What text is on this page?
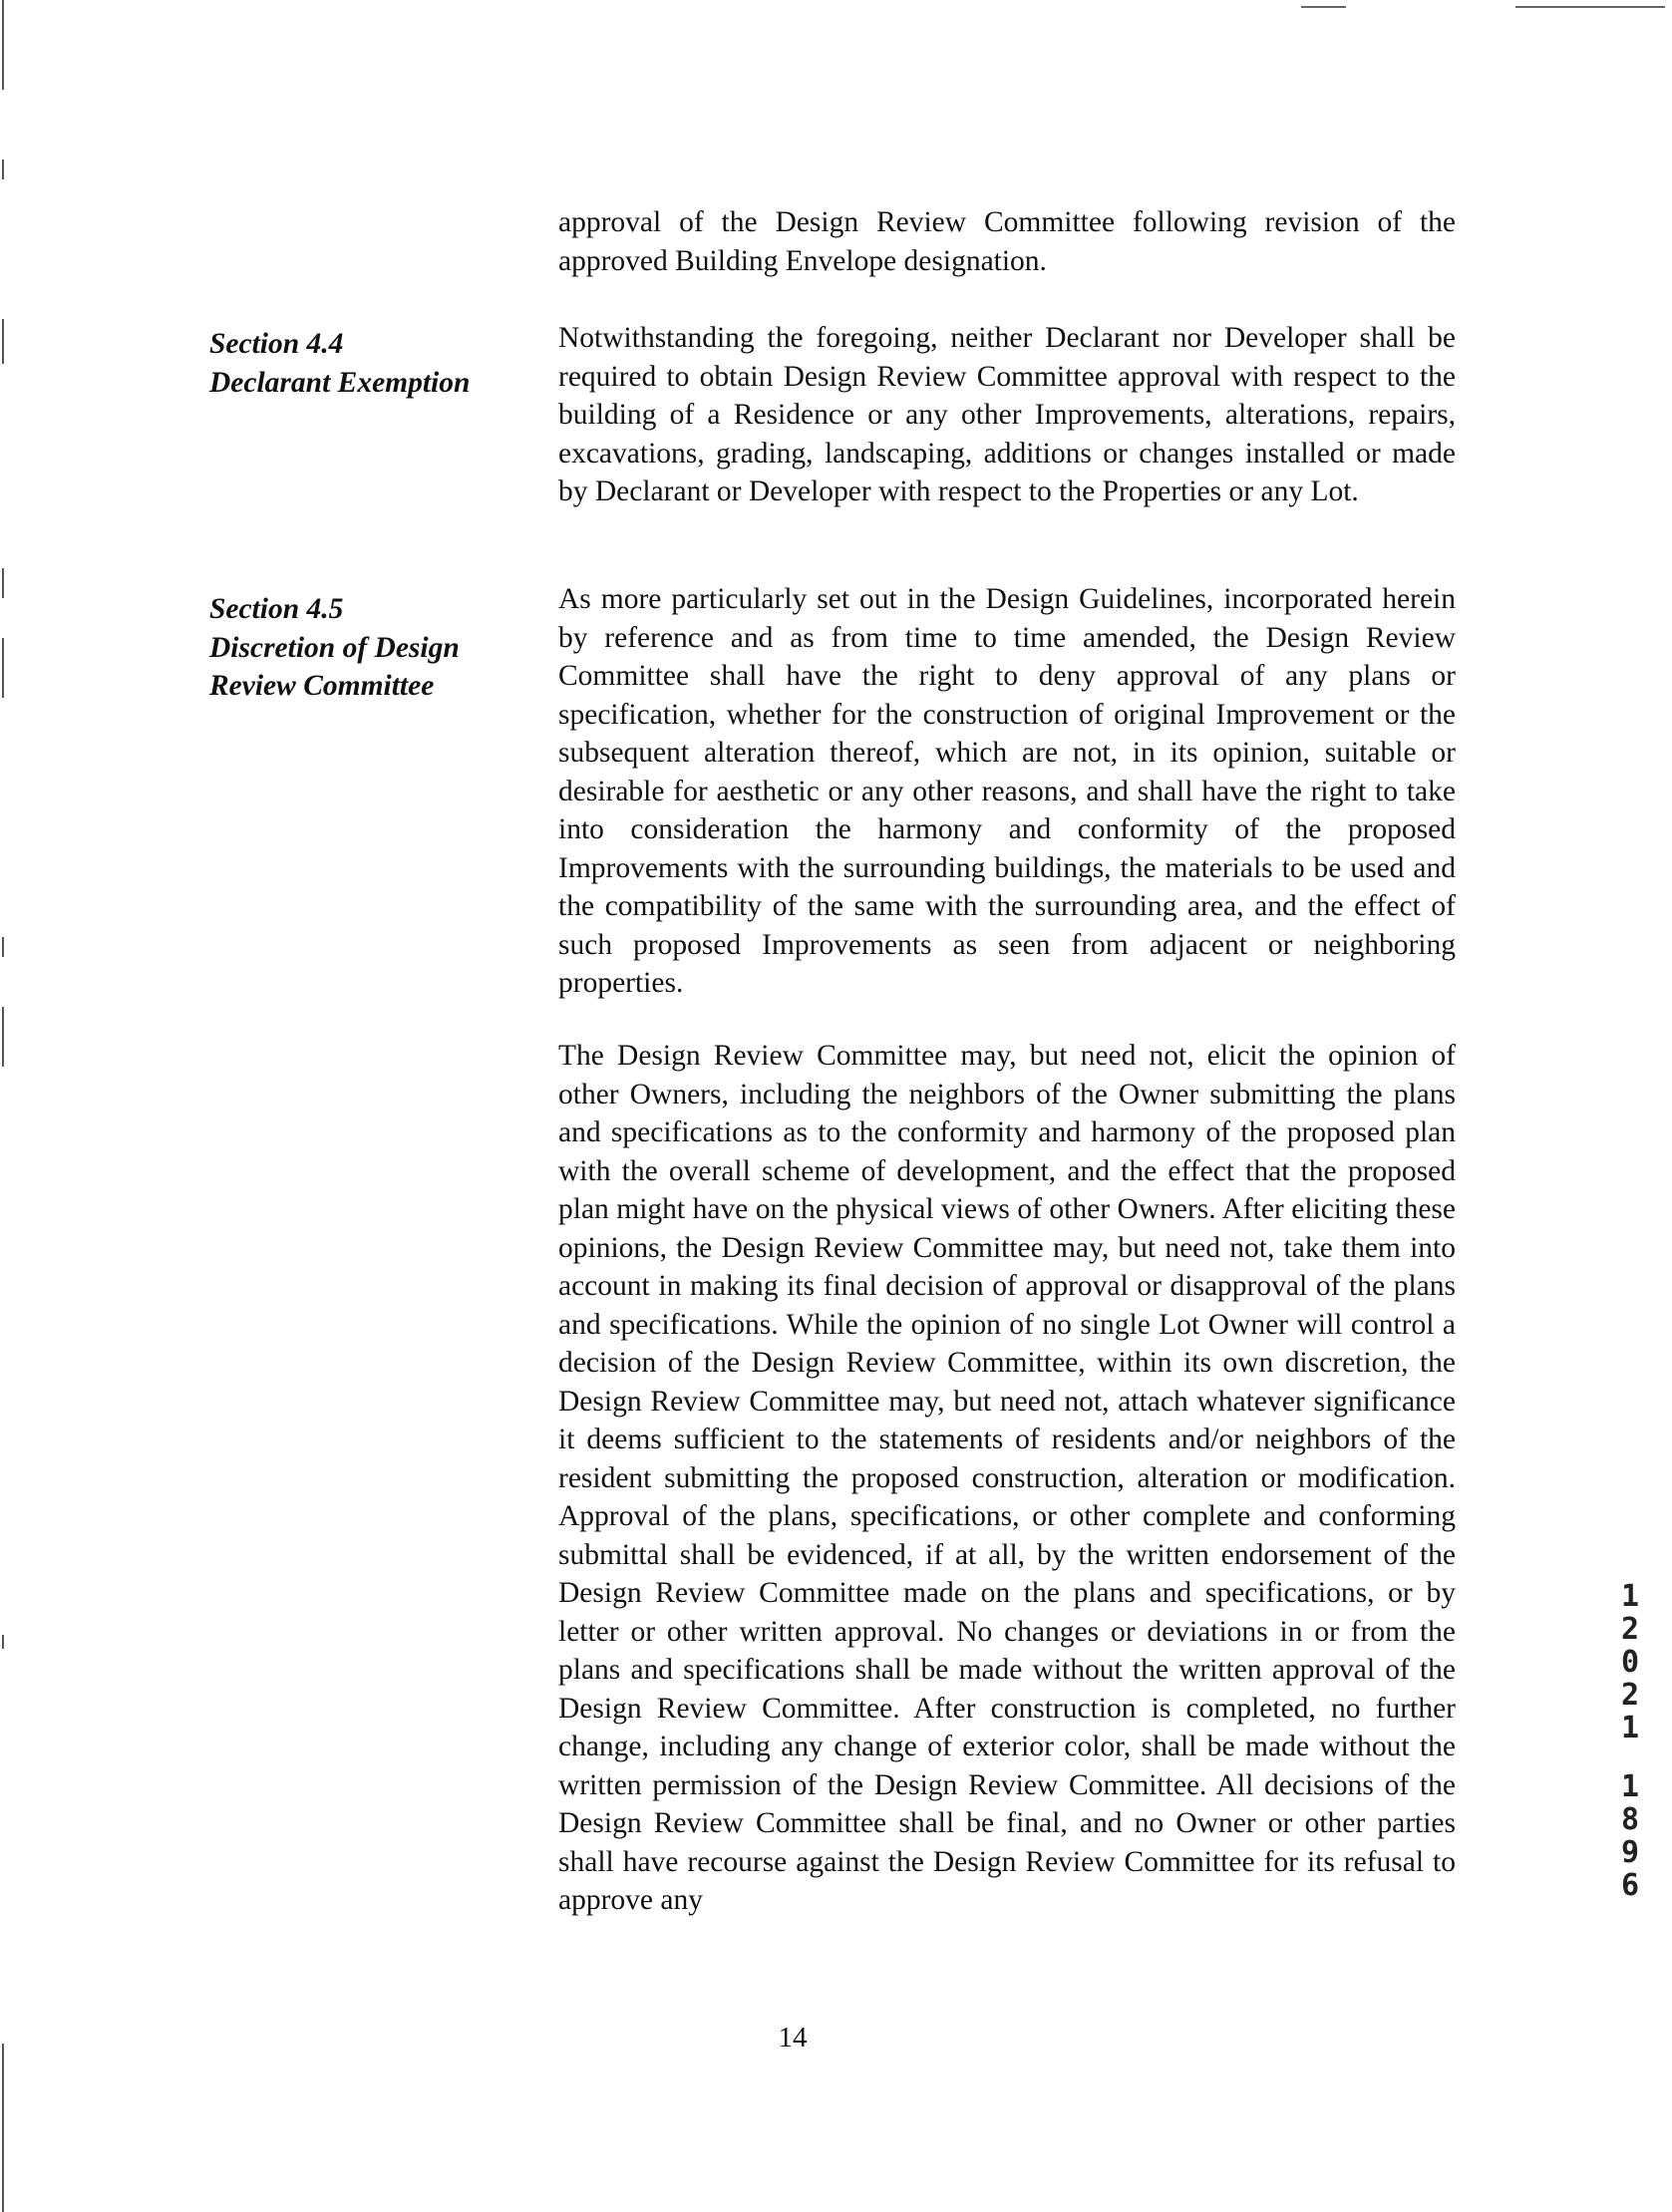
approval of the Design Review Committee following revision of the approved Building Envelope designation.
Section 4.4
Declarant Exemption
Notwithstanding the foregoing, neither Declarant nor Developer shall be required to obtain Design Review Committee approval with respect to the building of a Residence or any other Improvements, alterations, repairs, excavations, grading, landscaping, additions or changes installed or made by Declarant or Developer with respect to the Properties or any Lot.
Section 4.5
Discretion of Design
Review Committee
As more particularly set out in the Design Guidelines, incorporated herein by reference and as from time to time amended, the Design Review Committee shall have the right to deny approval of any plans or specification, whether for the construction of original Improvement or the subsequent alteration thereof, which are not, in its opinion, suitable or desirable for aesthetic or any other reasons, and shall have the right to take into consideration the harmony and conformity of the proposed Improvements with the surrounding buildings, the materials to be used and the compatibility of the same with the surrounding area, and the effect of such proposed Improvements as seen from adjacent or neighboring properties.
The Design Review Committee may, but need not, elicit the opinion of other Owners, including the neighbors of the Owner submitting the plans and specifications as to the conformity and harmony of the proposed plan with the overall scheme of development, and the effect that the proposed plan might have on the physical views of other Owners. After eliciting these opinions, the Design Review Committee may, but need not, take them into account in making its final decision of approval or disapproval of the plans and specifications. While the opinion of no single Lot Owner will control a decision of the Design Review Committee, within its own discretion, the Design Review Committee may, but need not, attach whatever significance it deems sufficient to the statements of residents and/or neighbors of the resident submitting the proposed construction, alteration or modification. Approval of the plans, specifications, or other complete and conforming submittal shall be evidenced, if at all, by the written endorsement of the Design Review Committee made on the plans and specifications, or by letter or other written approval. No changes or deviations in or from the plans and specifications shall be made without the written approval of the Design Review Committee. After construction is completed, no further change, including any change of exterior color, shall be made without the written permission of the Design Review Committee. All decisions of the Design Review Committee shall be final, and no Owner or other parties shall have recourse against the Design Review Committee for its refusal to approve any
14
1
2
0
2
1
1
8
9
6
